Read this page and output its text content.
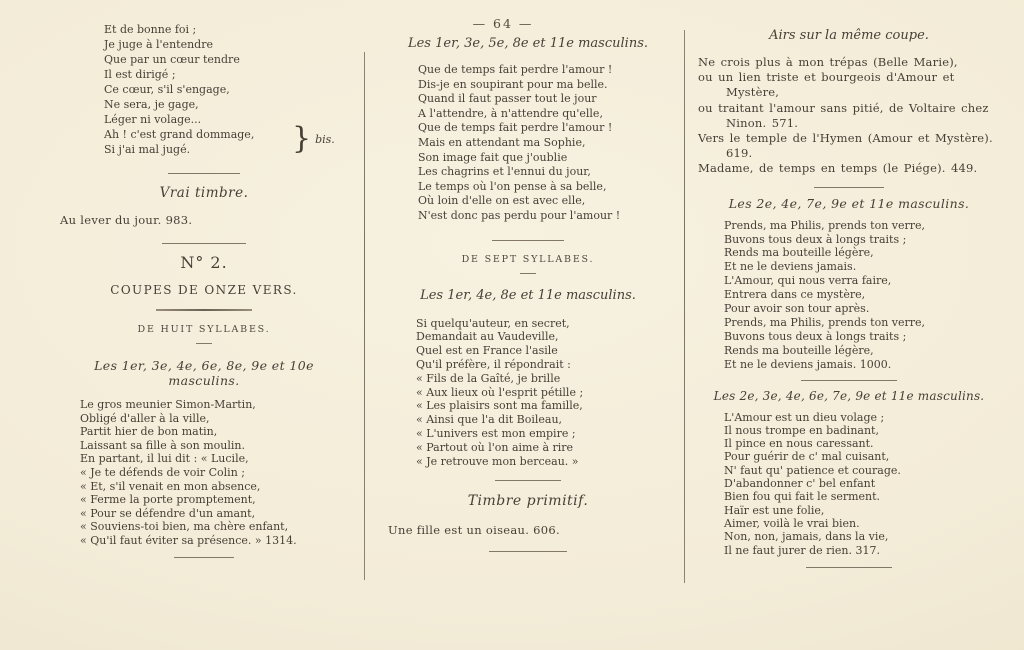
— 64 —
Et de bonne foi ;
Je juge à l'entendre
Que par un cœur tendre
Il est dirigé ;
Ce cœur, s'il s'engage,
Ne sera, je gage,
Léger ni volage...
Ah ! c'est grand dommage,
Si j'ai mal jugé.	} bis.
Vrai timbre.
Au lever du jour. 983.
N° 2.
COUPES DE ONZE VERS.
DE HUIT SYLLABES.
Les 1er, 3e, 4e, 6e, 8e, 9e et 10e masculins.
Le gros meunier Simon-Martin,
Obligé d'aller à la ville,
Partit hier de bon matin,
Laissant sa fille à son moulin.
En partant, il lui dit : « Lucile,
« Je te défends de voir Colin ;
« Et, s'il venait en mon absence,
« Ferme la porte promptement,
« Pour se défendre d'un amant,
« Souviens-toi bien, ma chère enfant,
« Qu'il faut éviter sa présence. » 1314.
Les 1er, 3e, 5e, 8e et 11e masculins.
Que de temps fait perdre l'amour !
Dis-je en soupirant pour ma belle.
Quand il faut passer tout le jour
A l'attendre, à n'attendre qu'elle,
Que de temps fait perdre l'amour !
Mais en attendant ma Sophie,
Son image fait que j'oublie
Les chagrins et l'ennui du jour,
Le temps où l'on pense à sa belle,
Où loin d'elle on est avec elle,
N'est donc pas perdu pour l'amour !
DE SEPT SYLLABES.
Les 1er, 4e, 8e et 11e masculins.
Si quelqu'auteur, en secret,
Demandait au Vaudeville,
Quel est en France l'asile
Qu'il préfère, il répondrait :
« Fils de la Gaîté, je brille
« Aux lieux où l'esprit pétille ;
« Les plaisirs sont ma famille,
« Ainsi que l'a dit Boileau,
« L'univers est mon empire ;
« Partout où l'on aime à rire
« Je retrouve mon berceau. »
Timbre primitif.
Une fille est un oiseau. 606.
Airs sur la même coupe.
Ne crois plus à mon trépas (Belle Marie),
ou un lien triste et bourgeois d'Amour et Mystère,
ou traitant l'amour sans pitié, de Voltaire chez Ninon. 571.
Vers le temple de l'Hymen (Amour et Mystère). 619.
Madame, de temps en temps (le Piége). 449.
Les 2e, 4e, 7e, 9e et 11e masculins.
Prends, ma Philis, prends ton verre,
Buvons tous deux à longs traits ;
Rends ma bouteille légère,
Et ne le deviens jamais.
L'Amour, qui nous verra faire,
Entrera dans ce mystère,
Pour avoir son tour après.
Prends, ma Philis, prends ton verre,
Buvons tous deux à longs traits ;
Rends ma bouteille légère,
Et ne le deviens jamais. 1000.
Les 2e, 3e, 4e, 6e, 7e, 9e et 11e masculins.
L'Amour est un dieu volage ;
Il nous trompe en badinant,
Il pince en nous caressant.
Pour guérir de c' mal cuisant,
N' faut qu' patience et courage.
D'abandonner c' bel enfant
Bien fou qui fait le serment.
Haïr est une folie,
Aimer, voilà le vrai bien.
Non, non, jamais, dans la vie,
Il ne faut jurer de rien. 317.
